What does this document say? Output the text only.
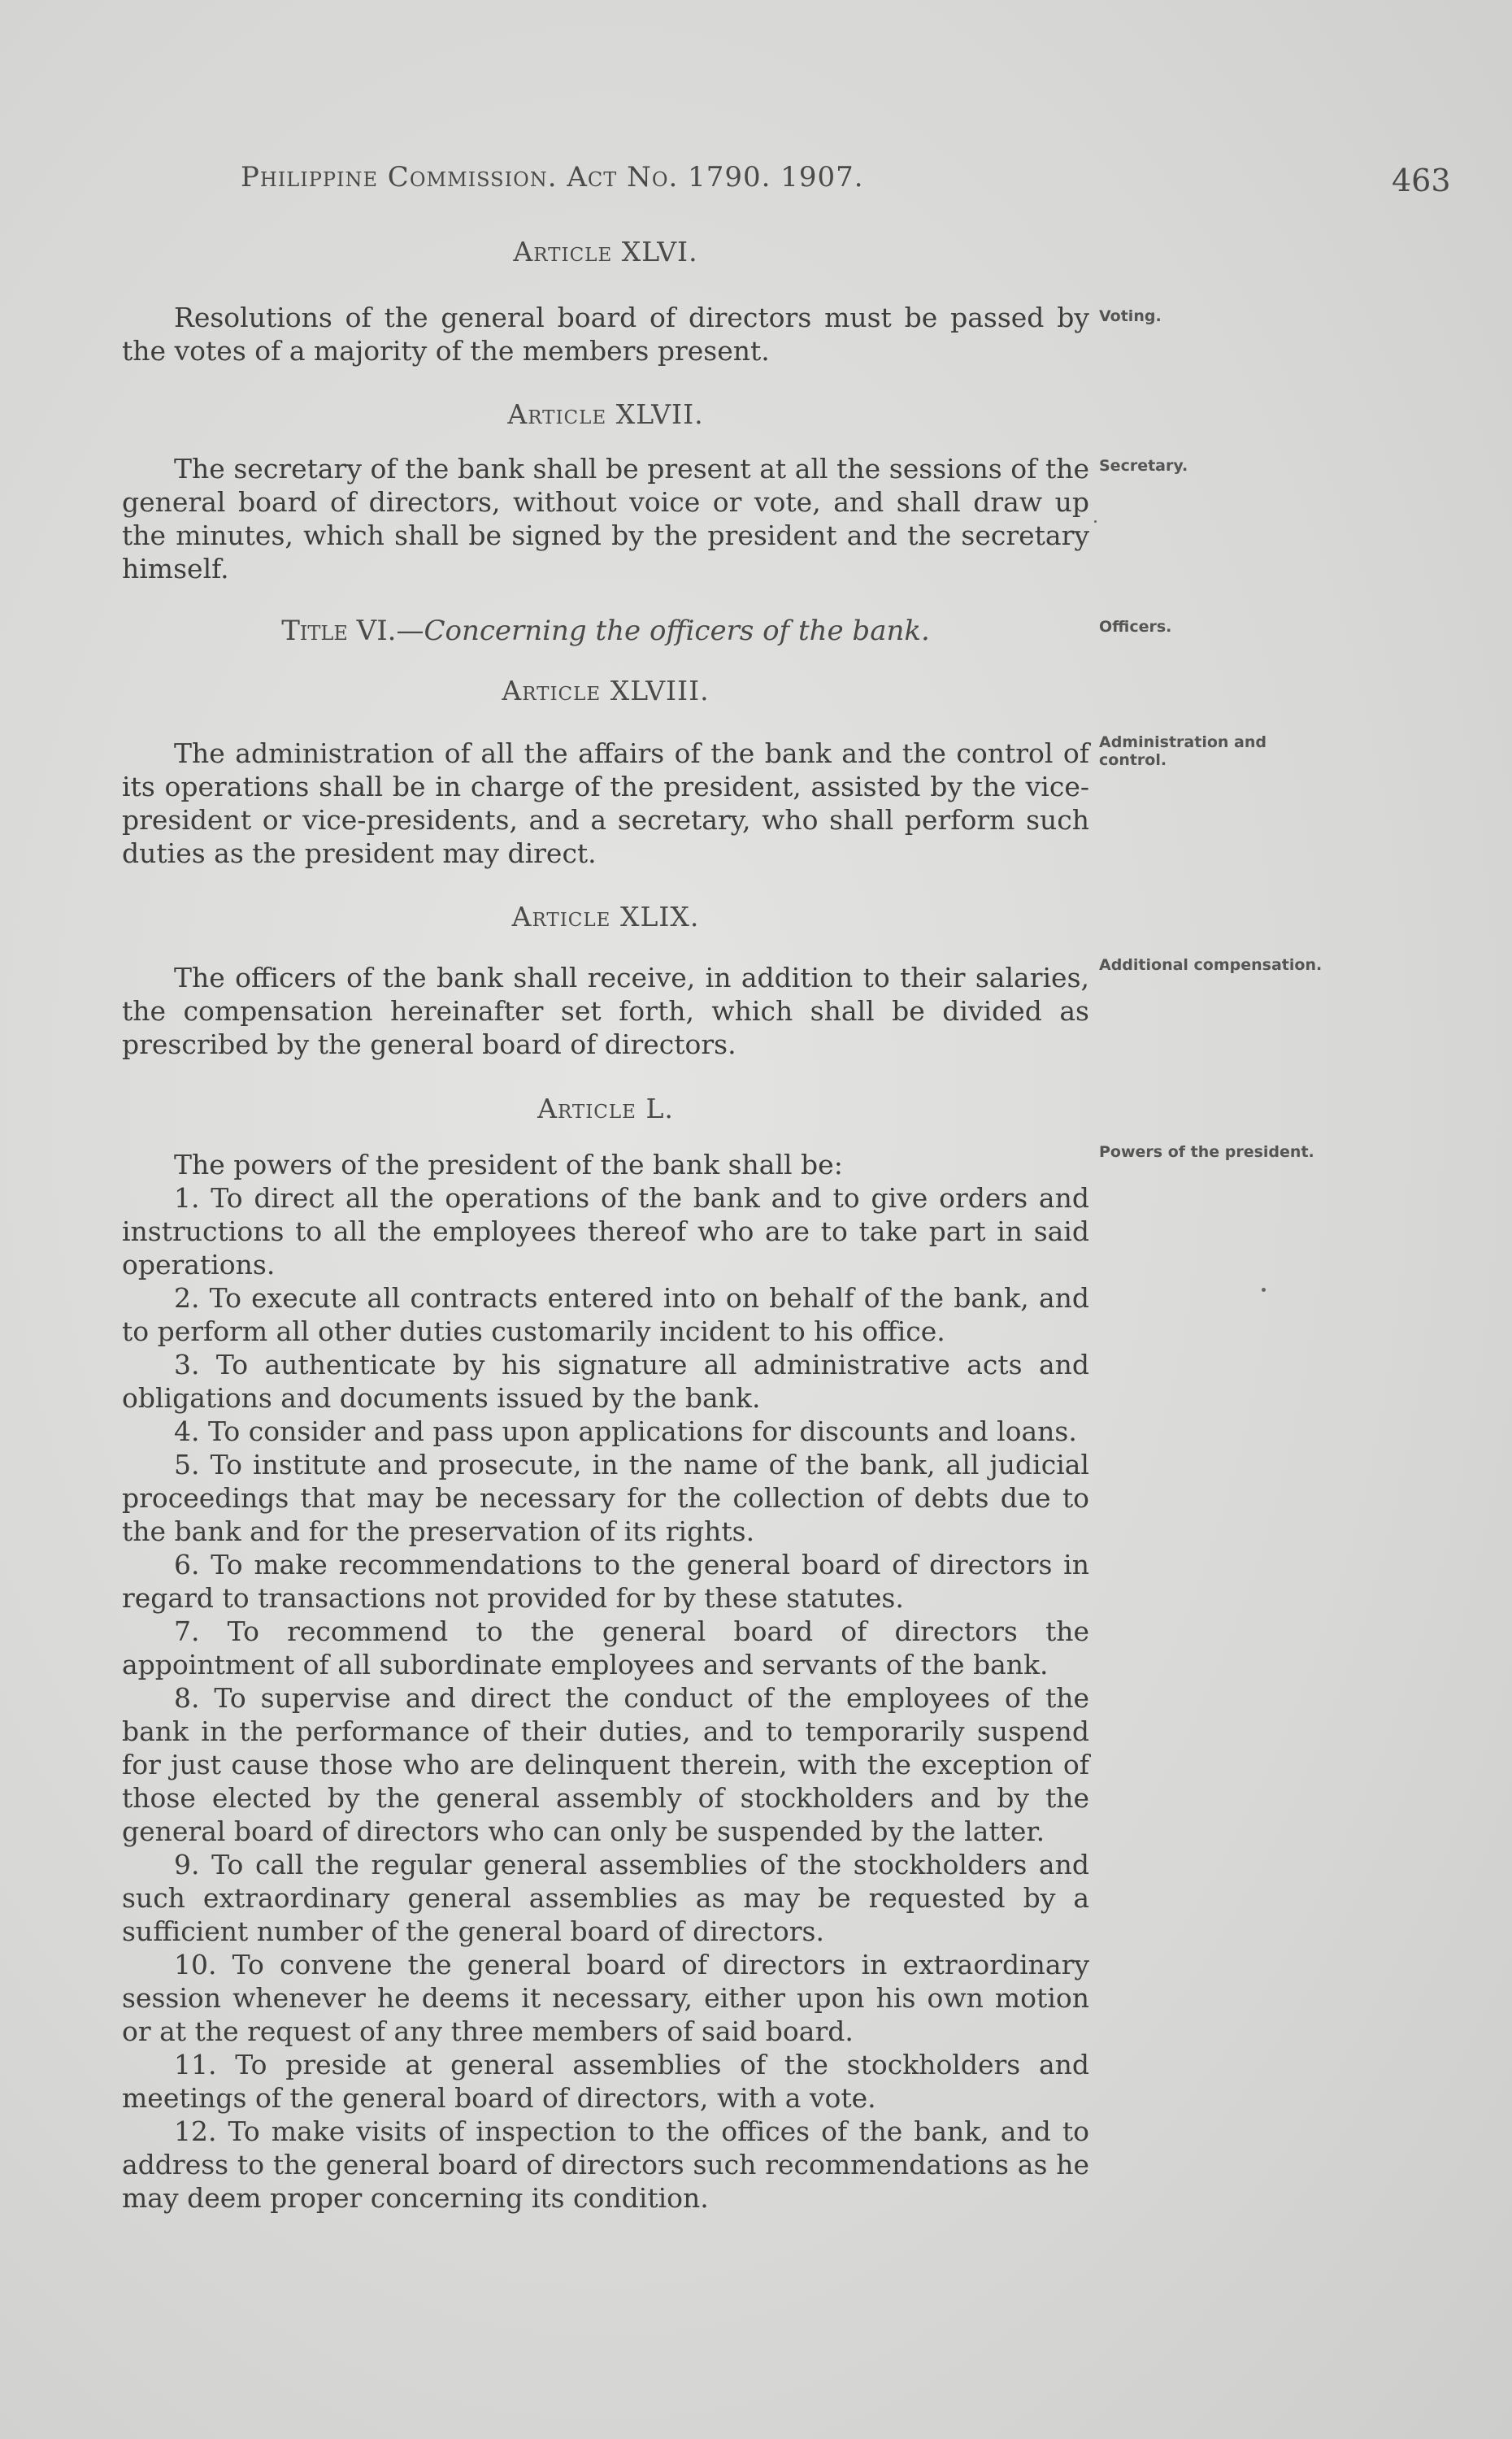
Philippine Commission. Act No. 1790. 1907.	463
Article XLVI.
Resolutions of the general board of directors must be passed by the votes of a majority of the members present.
Voting.
Article XLVII.
The secretary of the bank shall be present at all the sessions of the general board of directors, without voice or vote, and shall draw up the minutes, which shall be signed by the president and the secretary himself.
Secretary.
Title VI.—Concerning the officers of the bank.	Officers.
Article XLVIII.
The administration of all the affairs of the bank and the control of its operations shall be in charge of the president, assisted by the vice-president or vice-presidents, and a secretary, who shall perform such duties as the president may direct.
Administration and control.
Article XLIX.
The officers of the bank shall receive, in addition to their salaries, the compensation hereinafter set forth, which shall be divided as prescribed by the general board of directors.
Additional compensation.
Article L.
Powers of the president.
The powers of the president of the bank shall be:
1. To direct all the operations of the bank and to give orders and instructions to all the employees thereof who are to take part in said operations.
2. To execute all contracts entered into on behalf of the bank, and to perform all other duties customarily incident to his office.
3. To authenticate by his signature all administrative acts and obligations and documents issued by the bank.
4. To consider and pass upon applications for discounts and loans.
5. To institute and prosecute, in the name of the bank, all judicial proceedings that may be necessary for the collection of debts due to the bank and for the preservation of its rights.
6. To make recommendations to the general board of directors in regard to transactions not provided for by these statutes.
7. To recommend to the general board of directors the appointment of all subordinate employees and servants of the bank.
8. To supervise and direct the conduct of the employees of the bank in the performance of their duties, and to temporarily suspend for just cause those who are delinquent therein, with the exception of those elected by the general assembly of stockholders and by the general board of directors who can only be suspended by the latter.
9. To call the regular general assemblies of the stockholders and such extraordinary general assemblies as may be requested by a sufficient number of the general board of directors.
10. To convene the general board of directors in extraordinary session whenever he deems it necessary, either upon his own motion or at the request of any three members of said board.
11. To preside at general assemblies of the stockholders and meetings of the general board of directors, with a vote.
12. To make visits of inspection to the offices of the bank, and to address to the general board of directors such recommendations as he may deem proper concerning its condition.
